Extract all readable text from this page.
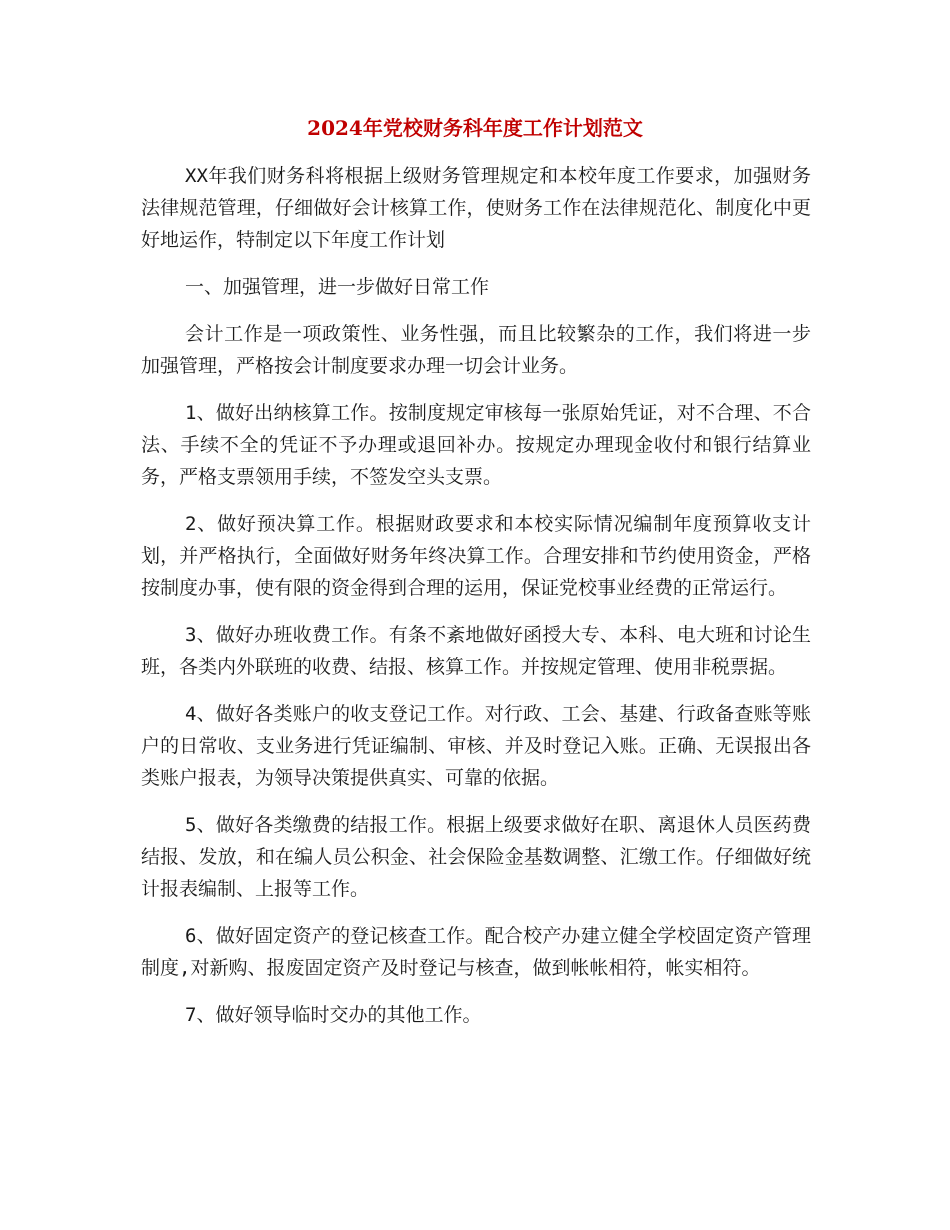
2024年党校财务科年度工作计划范文

XX年我们财务科将根据上级财务管理规定和本校年度工作要求，加强财务法律规范管理，仔细做好会计核算工作，使财务工作在法律规范化、制度化中更好地运作，特制定以下年度工作计划

一、加强管理，进一步做好日常工作

会计工作是一项政策性、业务性强，而且比较繁杂的工作，我们将进一步加强管理，严格按会计制度要求办理一切会计业务。

1、做好出纳核算工作。按制度规定审核每一张原始凭证，对不合理、不合法、手续不全的凭证不予办理或退回补办。按规定办理现金收付和银行结算业务，严格支票领用手续，不签发空头支票。

2、做好预决算工作。根据财政要求和本校实际情况编制年度预算收支计划，并严格执行，全面做好财务年终决算工作。合理安排和节约使用资金，严格按制度办事，使有限的资金得到合理的运用，保证党校事业经费的正常运行。

3、做好办班收费工作。有条不紊地做好函授大专、本科、电大班和讨论生班，各类内外联班的收费、结报、核算工作。并按规定管理、使用非税票据。

4、做好各类账户的收支登记工作。对行政、工会、基建、行政备查账等账户的日常收、支业务进行凭证编制、审核、并及时登记入账。正确、无误报出各类账户报表，为领导决策提供真实、可靠的依据。

5、做好各类缴费的结报工作。根据上级要求做好在职、离退休人员医药费结报、发放，和在编人员公积金、社会保险金基数调整、汇缴工作。仔细做好统计报表编制、上报等工作。

6、做好固定资产的登记核查工作。配合校产办建立健全学校固定资产管理制度,对新购、报废固定资产及时登记与核查，做到帐帐相符，帐实相符。

7、做好领导临时交办的其他工作。
